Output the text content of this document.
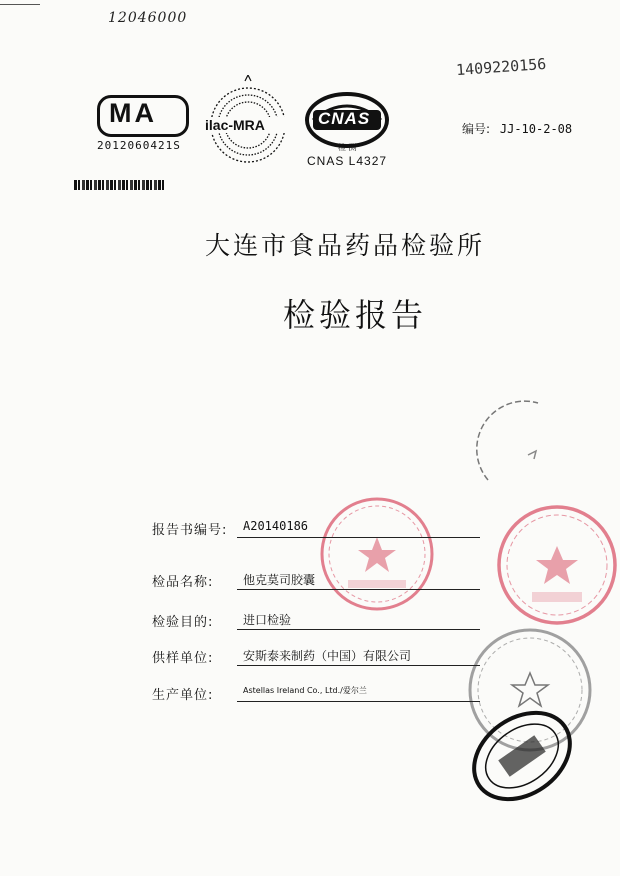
12046000
1409220156
MA
2012060421S
ilac-MRA	CNAS
检 测
CNAS L4327
编号: JJ-10-2-08
大连市食品药品检验所
检验报告
报告书编号: A20140186
检品名称: 他克莫司胶囊
检验目的: 进口检验
供样单位: 安斯泰来制药（中国）有限公司
生产单位:	Astellas Ireland Co., Ltd./爱尔兰
